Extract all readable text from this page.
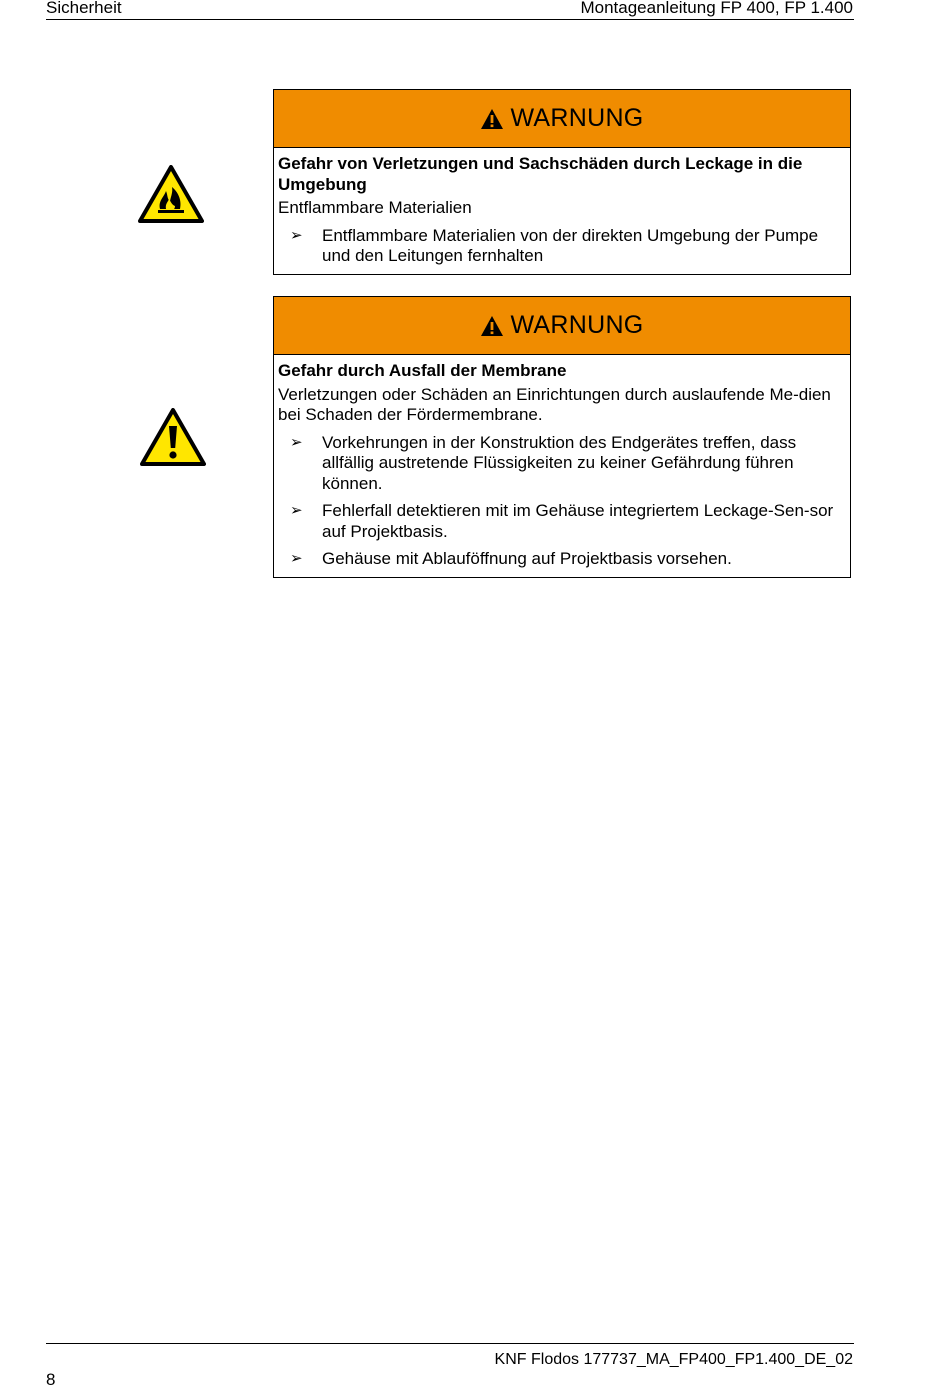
Sicherheit	Montageanleitung FP 400, FP 1.400
WARNUNG
Gefahr von Verletzungen und Sachschäden durch Leckage in die Umgebung
Entflammbare Materialien
➢	Entflammbare Materialien von der direkten Umgebung der Pumpe und den Leitungen fernhalten
WARNUNG
Gefahr durch Ausfall der Membrane
Verletzungen oder Schäden an Einrichtungen durch auslaufende Me-dien bei Schaden der Fördermembrane.
➢	Vorkehrungen in der Konstruktion des Endgerätes treffen, dass allfällig austretende Flüssigkeiten zu keiner Gefährdung führen können.
➢	Fehlerfall detektieren mit im Gehäuse integriertem Leckage-Sen-sor auf Projektbasis.
➢	Gehäuse mit Ablauföffnung auf Projektbasis vorsehen.
KNF Flodos 177737_MA_FP400_FP1.400_DE_02
8
